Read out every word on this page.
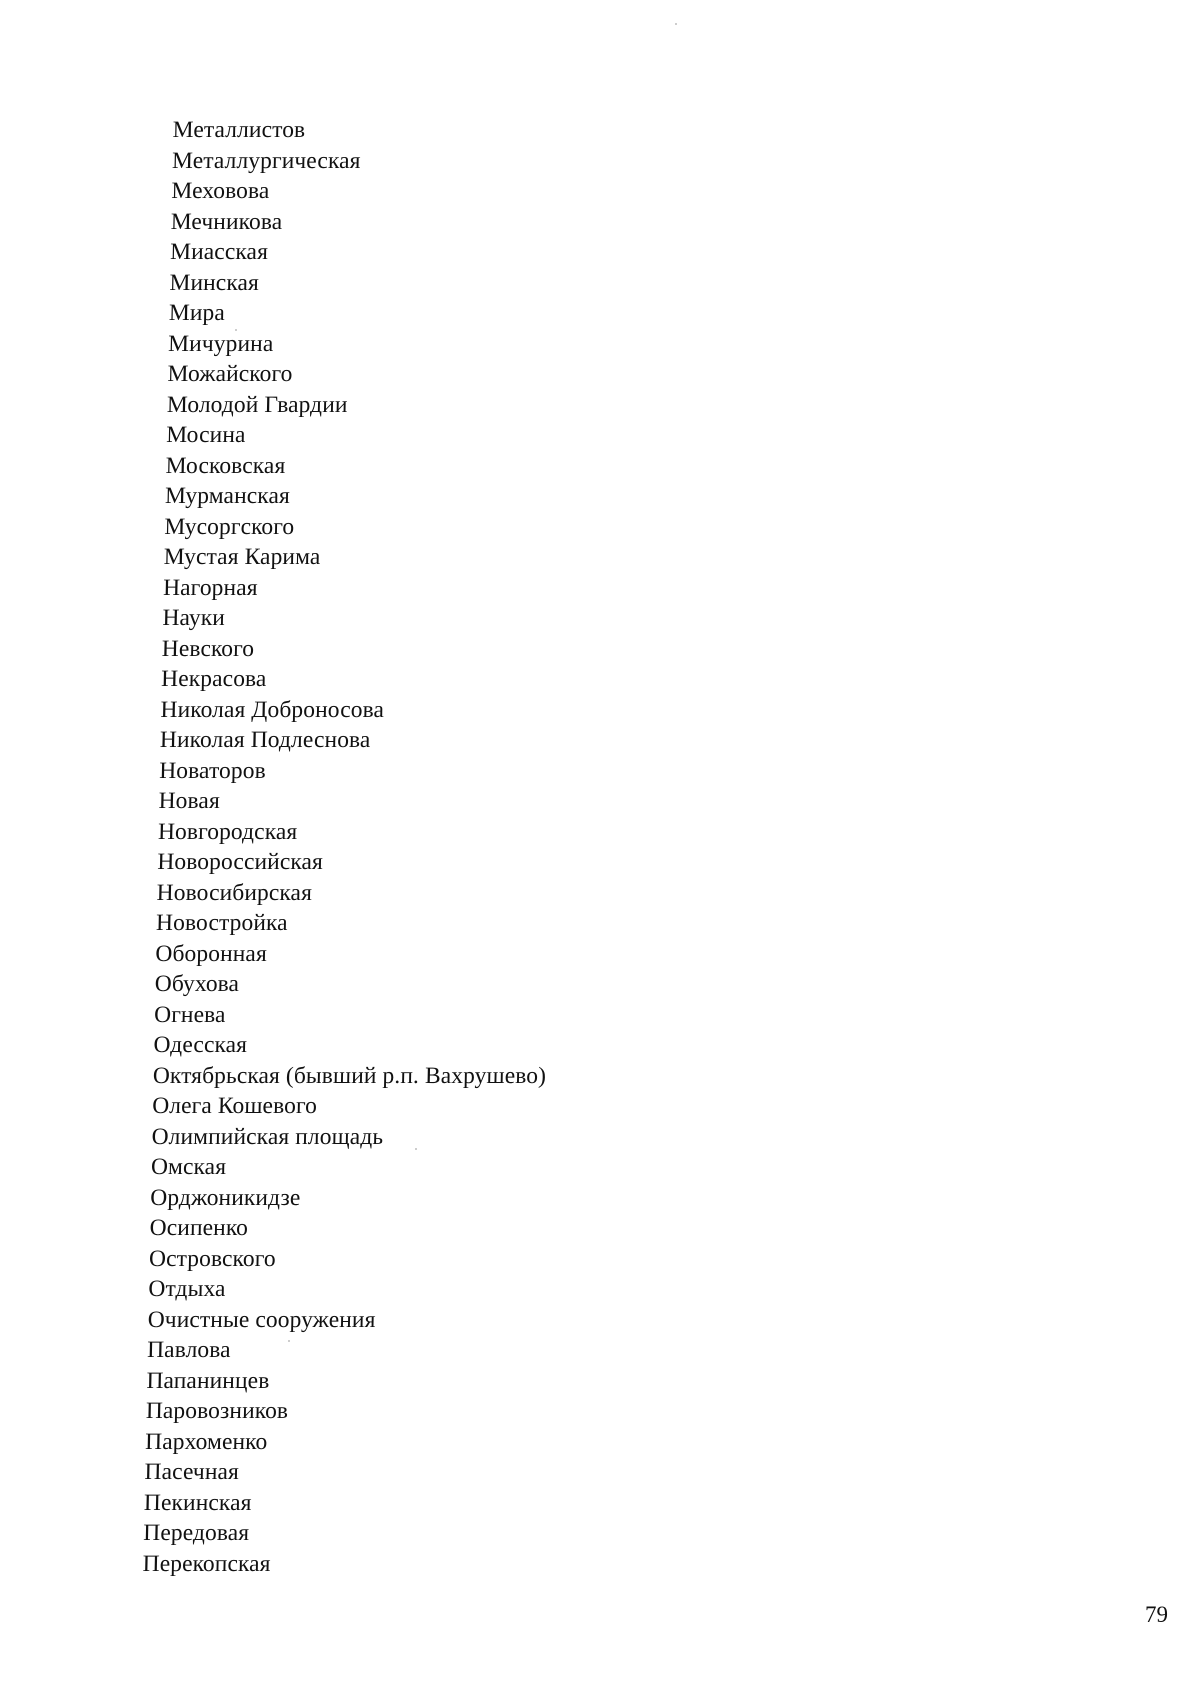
Металлистов
Металлургическая
Меховова
Мечникова
Миасская
Минская
Мира
Мичурина
Можайского
Молодой Гвардии
Мосина
Московская
Мурманская
Мусоргского
Мустая Карима
Нагорная
Науки
Невского
Некрасова
Николая Доброносова
Николая Подлеснова
Новаторов
Новая
Новгородская
Новороссийская
Новосибирская
Новостройка
Оборонная
Обухова
Огнева
Одесская
Октябрьская (бывший р.п. Вахрушево)
Олега Кошевого
Олимпийская площадь
Омская
Орджоникидзе
Осипенко
Островского
Отдыха
Очистные сооружения
Павлова
Папанинцев
Паровозников
Пархоменко
Пасечная
Пекинская
Передовая
Перекопская
79
